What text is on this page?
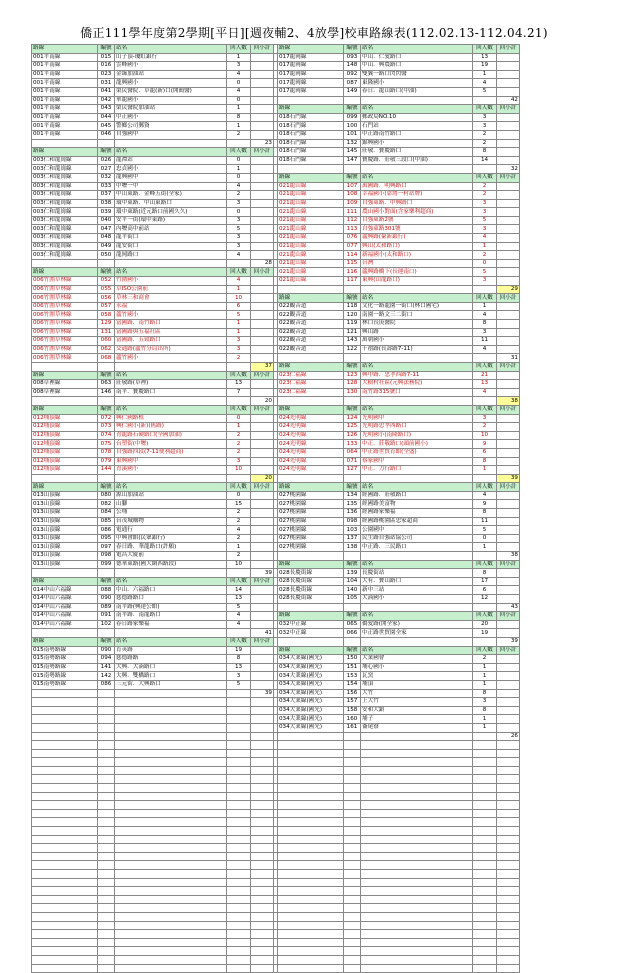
僑正111學年度第2學期[平日][週夜輔2、4放學]校車路線表(112.02.13-112.04.21)
路線	編號	站名	回人數	回小計		路線	編號	站名	回人數	回小計
001平南線	015	山子頂-瓊虹銀行	1			017龍岡線	093	中山．仁愛路口	13	
001平南線	016	雲峰國小	3			017龍岡線	148	中山．興農路口	19	
001平南線	023	金臻加油站	4			017龍岡線	092	雙翼一路口閃閃醫	1	
001平南線	031	龍興國小	0			017龍岡線	087	東隆國小	4	
001平南線	041	榮民醫院．草龍(新)口(開簡醫)	4			017龍岡線	149	春日．龍山路口(中油)	5	
001平南線	042	華龍國小	0							42
001平南線	043	榮民醫院加油站	1			路線	編號	站名	回人數	回小計
001平南線	044	中正國小	8			018石門線	099	郵政局NO.10	3	
001平南線	045	警鄉公司郵資	1			018石門線	100	石門站	3	
001平南線	046	自強國中	2			018石門線	101	中正路南竹路口	2	
				23		018石門線	132	錦興國小	2	
路線	編號	站名	回人數	回小計		018石門線	145	莊敬．寶慶路口	8	
003仁和龍崗線	026	龍潭站	0			018石門線	147	寶慶路．莊敬三段口(中油)	14	
003仁和龍崗線	027	忠貞國小	1							32
003仁和龍崗線	032	龍興國中	0			路線	編號	站名	回人數	回小計
003仁和龍崗線	033	中壢一中	4			021龍山線	107	萬國路．明興路口	2	
003仁和龍崗線	037	中山東路．金峰五街(全家)	2			021龍山線	108	幸福國小(靠將一村站牌)	2	
003仁和龍崗線	038	環中東路．中山東路口	3			021龍山線	109	自強東路．中興路口	3	
003仁和龍崗線	039	環中東路(近元路口前國久久)	0			021龍山線	111	農山國小對面(含家樂利超商)	3	
003仁和龍崗線	040	安平一街(環中東路)	3			021龍山線	112	自強東路2號	5	
003仁和龍崗線	047	內壢高中前站	5			021龍山線	113	自強東路301號	3	
003仁和龍崗線	048	龍平街口	3			021龍山線	076	蘆興路(臺新銀行)	4	
003仁和龍崗線	049	龍安街口	3			021龍山線	077	興山(太和路口)	1	
003仁和龍崗線	050	龍岡路口	4			021龍山線	114	新福國小(太和路口)	2	
				28		021龍山線	115	台灣	0	
路線	編號	站名	回人數	回小計		021龍山線	116	蘆興路橋下(長運南口)	5	
006竹圍草林線	052	竹圍國小	4			021龍山線	117	東興(山龍路口)	3	
006竹圍草林線	055	草ISO公園前	1							29
006竹圍草林線	056	草林三和商會	10			路線	編號	站名	回人數	回小計
006竹圍草林線	057	永福	6			022觀音道	118	文化一路龍園一街口(林口國宅)	1	
006竹圍草林線	058	蘆竹國小	5			022觀音道	120	南園一路文三二街口	4	
006竹圍草林線	129	富國路．南竹路口	1			022觀音道	119	林口長庚醫院	8	
006竹圍草林線	131	富國路與五福社區	1			022觀音道	121	興山路	3	
006竹圍草林線	060	富國路．五致路口	3			022觀音道	143	萬朝國小	11	
006竹圍草林線	062	交通路(蘆竹分局出所)	3			022觀音道	122	千禧路(長壽路7-11)	4	
006竹圍草林線	068	蘆竹國小	2							31
				37		路線	編號	站名	回人數	回小計
路線	編號	站名	回人數	回小計		023仁福線	123	興中路．忠孝西路7-11	21	
008草裡線	063	莊敬路(草裡)	13			023仁福線	128	大樹村社區(元興法務院)	13	
008草裡線	146	南平．寶慶路口	7			023仁福線	130	南竹路315號口	4	
				20						38
路線	編號	站名	回人數	回小計		路線	編號	站名	回人數	回小計
012埔頂線	072	興仁國路植	0			024光明線	124	光明國中	3	
012埔頂線	073	興仁國小(新)(舊路)	1			024光明線	125	光明路忠孝西路口	2	
012埔頂線	074	青龍路石硬路口(全國加油)	2			024光明線	126	光明國小(南隆路口)	10	
012埔頂線	075	台塑街(中壢)	2			024光明線	133	中正．莊敬路口(頭前國小)	9	
012埔頂線	078	自強路四段(7-11便利超商)	2			024光明線	064	中正路世貿育館(全盛)	6	
012埔頂線	079	東興國中	3			024光明線	071	蔡家國中	8	
012埔頂線	144	青溪國小	10			024光明線	127	中正．力行路口	1	
				20						39
路線	編號	站名	回人數	回小計		路線	編號	站名	回人數	回小計
013山頂線	080	源山加油站	0			027桃園線	134	經國路．莊敬路口	4	
013山頂線	082	山腳	15			027桃園線	135	經國路美富物	9	
013山頂線	084	公埔	2			027桃園線	136	經國路家樂福	8	
013山頂線	085	台茂城購物	2			027桃園線	098	經國路桃園區忠家超商	11	
013山頂線	086	電通行	4			027桃園線	103	公園國中	5	
013山頂線	095	中興會館(民眾銀行)	2			027桃園線	137	民生路自強站協公司	0	
013山頂線	097	春日路．華龍路口(許願)	1			027桃園線	138	中正路．三民路口	1	
013山頂線	098	電昌大廈前	2							38
013山頂線	099	德華東路(國大網西路段)	10			路線	編號	站名	回人數	回小計
				39		028長慶街線	139	長慶街站	8	
路線	編號	站名	回人數	回小計		028長慶街線	104	大有．寶山路口	17	
014中山六福線	088	中山．六福路口	14			028長慶街線	140	新中三站	6	
014中山六福線	090	慈德路路口	13			028長慶街線	105	大湳國小	12	
014中山六福線	089	南平路(興達公館)	5							43
014中山六福線	091	南平路．南龍路口	4			路線	編號	站名	回人數	回小計
014中山六福線	102	春日路家樂福	4			032中正線	065	僑愛路(開全家)	20	
				41		032中正線	066	中正路世貿園全家	19	
路線	編號	站名	回人數	回小計						39
015南勢路線	090	育英路	19			路線	編號	站名	回人數	回小計
015南勢路線	094	慈德路路	8			034大業線(國光)	150	大業國會	2	
015南勢路線	141	大興．大湳路口	13			034大業線(國光)	151	埔心國小	1	
015南勢路線	142	大興．雙橋路口	3			034大業線(國光)	153	瓦窯	1	
015南勢路線	086	三元街．大興路口	5			034大業線(國光)	154	埔頂	1	
				39		034大業線(國光)	156	大竹	8	
						034大業線(國光)	157	上大竹	3	
						034大業線(國光)	158	安和大鎮	8	
						034大業線(國光)	160	埔子	1	
						034大業線(國光)	161	崙尾寮	1	
										26
